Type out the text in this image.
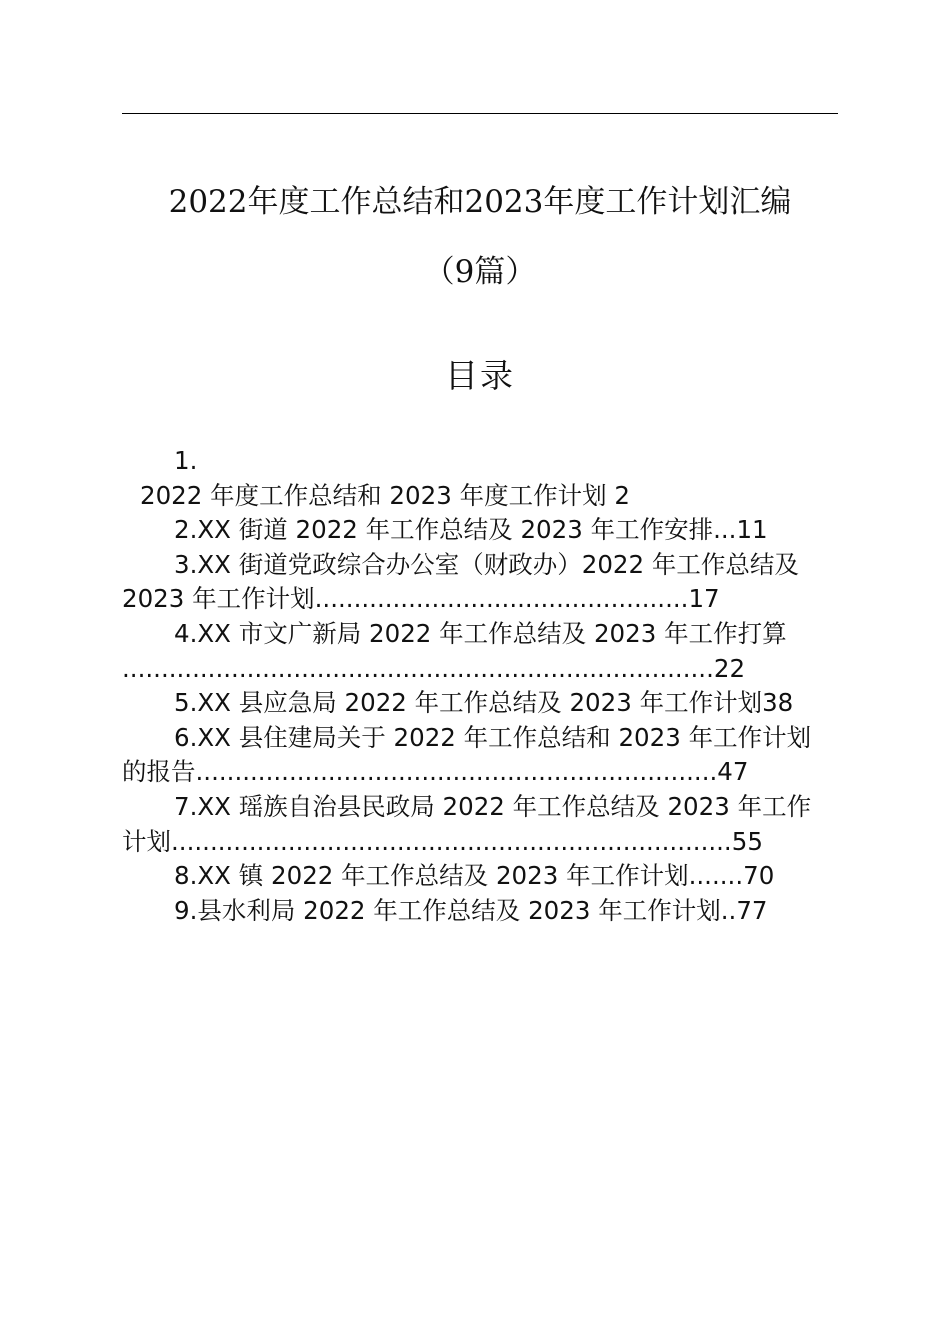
2022年度工作总结和2023年度工作计划汇编
（9篇）
目录
1.
2022 年度工作总结和 2023 年度工作计划 2
2.XX 街道 2022 年工作总结及 2023 年工作安排 ... 11
3.XX 街道党政综合办公室（财政办）2022 年工作总结及
2023 年工作计划 ................................................ 17
4.XX 市文广新局 2022 年工作总结及 2023 年工作打算
............................................................................ 22
5.XX 县应急局 2022 年工作总结及 2023 年工作计划38
6.XX 县住建局关于 2022 年工作总结和 2023 年工作计划
的报告 ................................................................... 47
7.XX 瑶族自治县民政局 2022 年工作总结及 2023 年工作
计划 ........................................................................ 55
8.XX 镇 2022 年工作总结及 2023 年工作计划 ....... 70
9.县水利局 2022 年工作总结及 2023 年工作计划 .. 77
